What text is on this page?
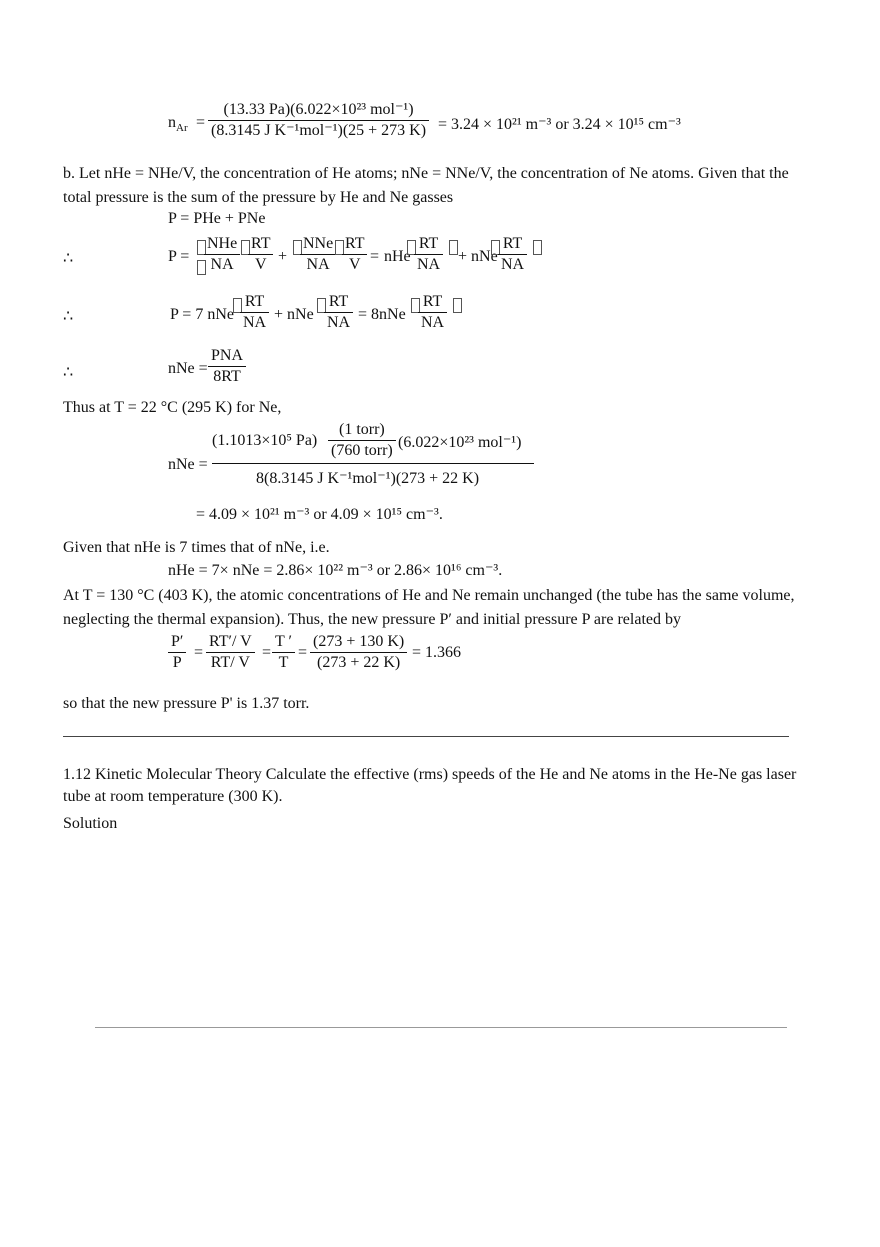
$n_{Ar}$ =
(13.33 Pa)(6.022×10²³ mol⁻¹)
(8.3145 J K⁻¹mol⁻¹)(25 + 273 K) = 3.24 × 10²¹ m⁻³ or 3.24 × 10¹⁵ cm⁻³
b. Let nHe = NHe/V, the concentration of He atoms; nNe = NNe/V, the concentration of Ne atoms. Given that the total pressure is the sum of the pressure by He and Ne gasses
P = PHe + PNe
∴	P =
NHe
NA $\frac{RT}{V}$ +
NNe
NA $\frac{RT}{V}$ = nHe $\frac{RT}{NA}$ + nNe $\frac{RT}{NA}$
∴	P = 7 nNe $\frac{RT}{NA}$ + nNe $\frac{RT}{NA} = 8nNe \frac{RT}{NA}$
∴	nNe =
PNA
8RT
Thus at T = 22 °C (295 K) for Ne,
nNe =
(1.1013×10⁵ Pa)
(1 torr)
(760 torr) (6.022×10²³ mol⁻¹)
8(8.3145 J K⁻¹mol⁻¹)(273 + 22 K)
= 4.09 × 10²¹ m⁻³ or 4.09 × 10¹⁵ cm⁻³.
Given that nHe is 7 times that of nNe, i.e.
nHe = 7× nNe = 2.86× 10²² m⁻³ or 2.86× 10¹⁶ cm⁻³.
At T = 130 °C (403 K), the atomic concentrations of He and Ne remain unchanged (the tube has the same volume, neglecting the thermal expansion). Thus, the new pressure P′ and initial pressure P are related by
$\frac{P'}{P} = \frac{RT'/ V}{RT/ V} = \frac{T '}{T} = \frac{(273 + 130 K)}{(273 + 22 K)} = 1.366$
so that the new pressure P' is 1.37 torr.
1.12 Kinetic Molecular Theory Calculate the effective (rms) speeds of the He and Ne atoms in the He-Ne gas laser tube at room temperature (300 K).
Solution
